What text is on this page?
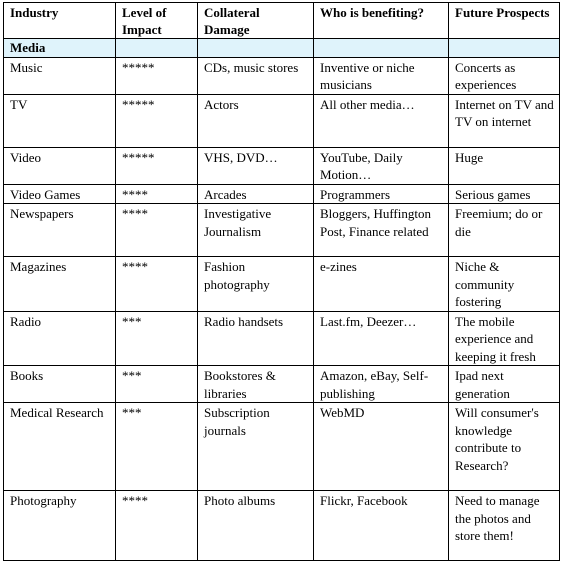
Industry	Level of Impact	Collateral Damage	Who is benefiting?	Future Prospects
Media				
Music	*****	CDs, music stores	Inventive or niche musicians	Concerts as experiences
TV	*****	Actors	All other media…	Internet on TV and TV on internet
Video	*****	VHS, DVD…	YouTube, Daily Motion…	Huge
Video Games	****	Arcades	Programmers	Serious games
Newspapers	****	Investigative Journalism	Bloggers, Huffington Post, Finance related	Freemium; do or die
Magazines	****	Fashion photography	e-zines	Niche & community fostering
Radio	***	Radio handsets	Last.fm, Deezer…	The mobile experience and keeping it fresh
Books	***	Bookstores & libraries	Amazon, eBay, Self-publishing	Ipad next generation
Medical Research	***	Subscription journals	WebMD	Will consumer's knowledge contribute to Research?
Photography	****	Photo albums	Flickr, Facebook	Need to manage the photos and store them!
